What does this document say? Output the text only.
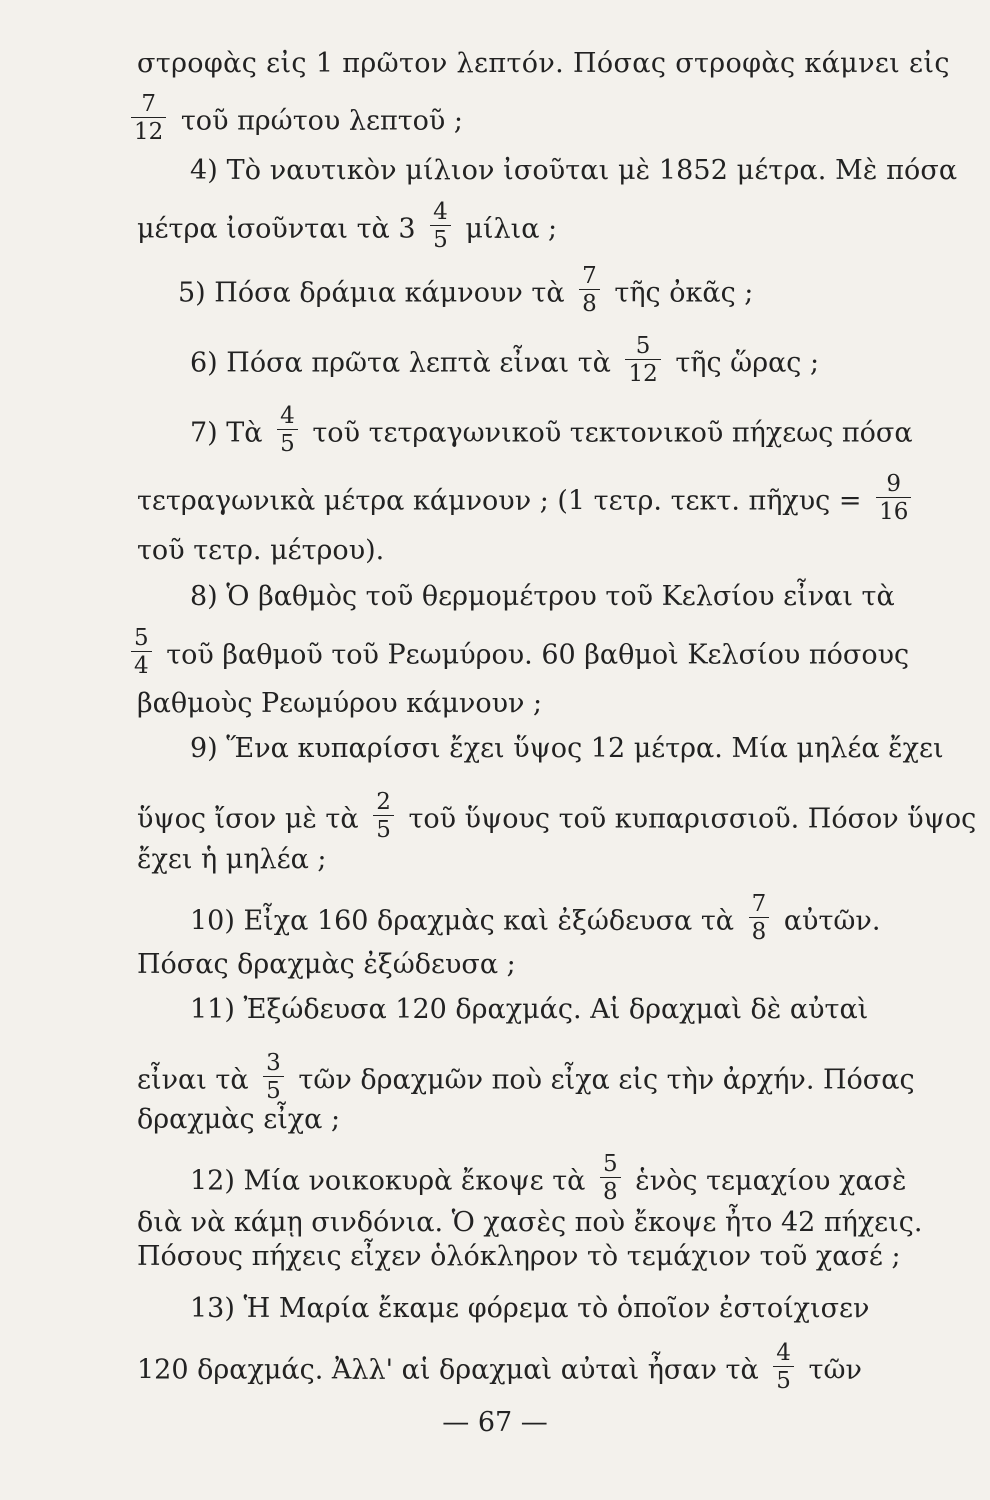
στροφὰς εἰς 1 πρῶτον λεπτόν. Πόσας στροφὰς κάμνει εἰς
$\frac{7}{12}$ τοῦ πρώτου λεπτοῦ ;
4) Τὸ ναυτικὸν μίλιον ἰσοῦται μὲ 1852 μέτρα. Μὲ πόσα
μέτρα ἰσοῦνται τὰ $3 \frac{4}{5}$ μίλια ;
5) Πόσα δράμια κάμνουν τὰ $\frac{7}{8}$ τῆς ὀκᾶς ;
6) Πόσα πρῶτα λεπτὰ εἶναι τὰ $\frac{5}{12}$ τῆς ὥρας ;
7) Τὰ $\frac{4}{5}$ τοῦ τετραγωνικοῦ τεκτονικοῦ πήχεως πόσα
τετραγωνικὰ μέτρα κάμνουν ; (1 τετρ. τεκτ. πῆχυς = $\frac{9}{16}$
τοῦ τετρ. μέτρου).
8) Ὁ βαθμὸς τοῦ θερμομέτρου τοῦ Κελσίου εἶναι τὰ
$\frac{5}{4}$ τοῦ βαθμοῦ τοῦ Ρεωμύρου. 60 βαθμοὶ Κελσίου πόσους
βαθμοὺς Ρεωμύρου κάμνουν ;
9) Ἕνα κυπαρίσσι ἔχει ὕψος 12 μέτρα. Μία μηλέα ἔχει
ὕψος ἴσον μὲ τὰ $\frac{2}{5}$ τοῦ ὕψους τοῦ κυπαρισσιοῦ. Πόσον ὕψος
ἔχει ἡ μηλέα ;
10) Εἶχα 160 δραχμὰς καὶ ἐξώδευσα τὰ $\frac{7}{8}$ αὐτῶν.
Πόσας δραχμὰς ἐξώδευσα ;
11) Ἐξώδευσα 120 δραχμάς. Αἱ δραχμαὶ δὲ αὐταὶ
εἶναι τὰ $\frac{3}{5}$ τῶν δραχμῶν ποὺ εἶχα εἰς τὴν ἀρχήν. Πόσας
δραχμὰς εἶχα ;
12) Μία νοικοκυρὰ ἔκοψε τὰ $\frac{5}{8}$ ἑνὸς τεμαχίου χασὲ
διὰ νὰ κάμῃ σινδόνια. Ὁ χασὲς ποὺ ἔκοψε ἦτο 42 πήχεις.
Πόσους πήχεις εἶχεν ὁλόκληρον τὸ τεμάχιον τοῦ χασέ ;
13) Ἡ Μαρία ἔκαμε φόρεμα τὸ ὁποῖον ἐστοίχισεν
120 δραχμάς. Ἀλλ' αἱ δραχμαὶ αὐταὶ ἦσαν τὰ $\frac{4}{5}$ τῶν
— 67 —
